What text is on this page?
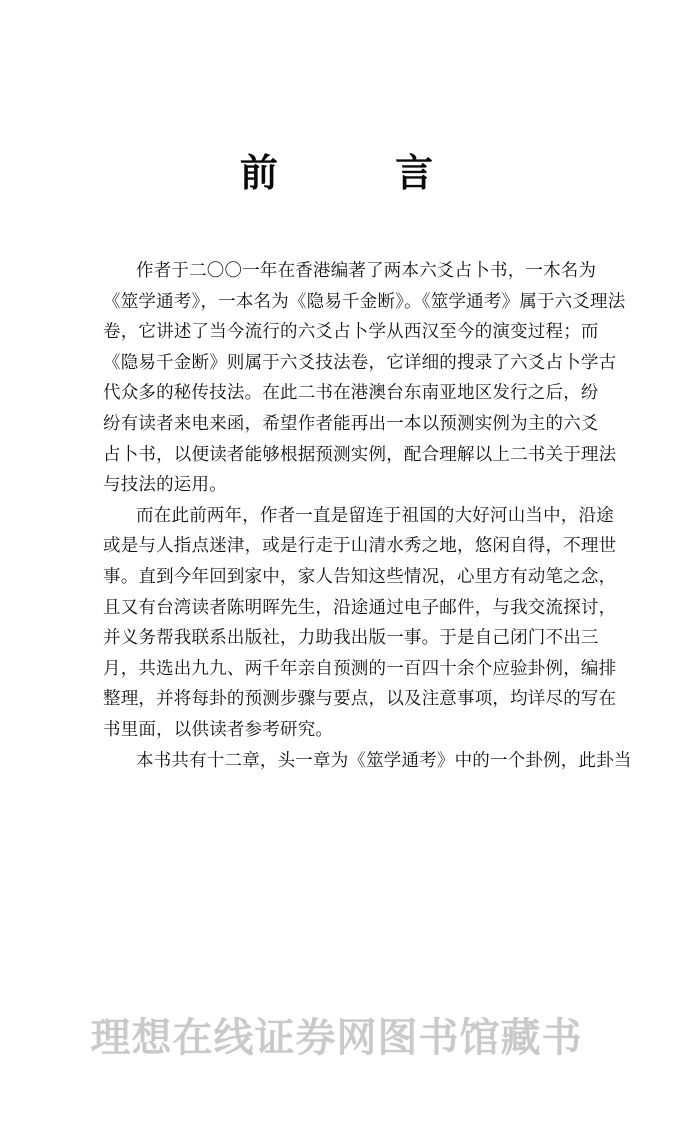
前 言
作者于二〇〇一年在香港编著了两本六爻占卜书，一木名为
《筮学通考》，一本名为《隐易千金断》。《筮学通考》属于六爻理法
卷，它讲述了当今流行的六爻占卜学从西汉至今的演变过程；而
《隐易千金断》则属于六爻技法卷，它详细的搜录了六爻占卜学古
代众多的秘传技法。在此二书在港澳台东南亚地区发行之后，纷
纷有读者来电来函，希望作者能再出一本以预测实例为主的六爻
占卜书，以便读者能够根据预测实例，配合理解以上二书关于理法
与技法的运用。
而在此前两年，作者一直是留连于祖国的大好河山当中，沿途
或是与人指点迷津，或是行走于山清水秀之地，悠闲自得，不理世
事。直到今年回到家中，家人告知这些情况，心里方有动笔之念，
且又有台湾读者陈明晖先生，沿途通过电子邮件，与我交流探讨，
并义务帮我联系出版社，力助我出版一事。于是自己闭门不出三
月，共选出九九、两千年亲自预测的一百四十余个应验卦例，编排
整理，并将每卦的预测步骤与要点，以及注意事项，均详尽的写在
书里面，以供读者参考研究。
本书共有十二章，头一章为《筮学通考》中的一个卦例，此卦当
理想在线证券网图书馆藏书
